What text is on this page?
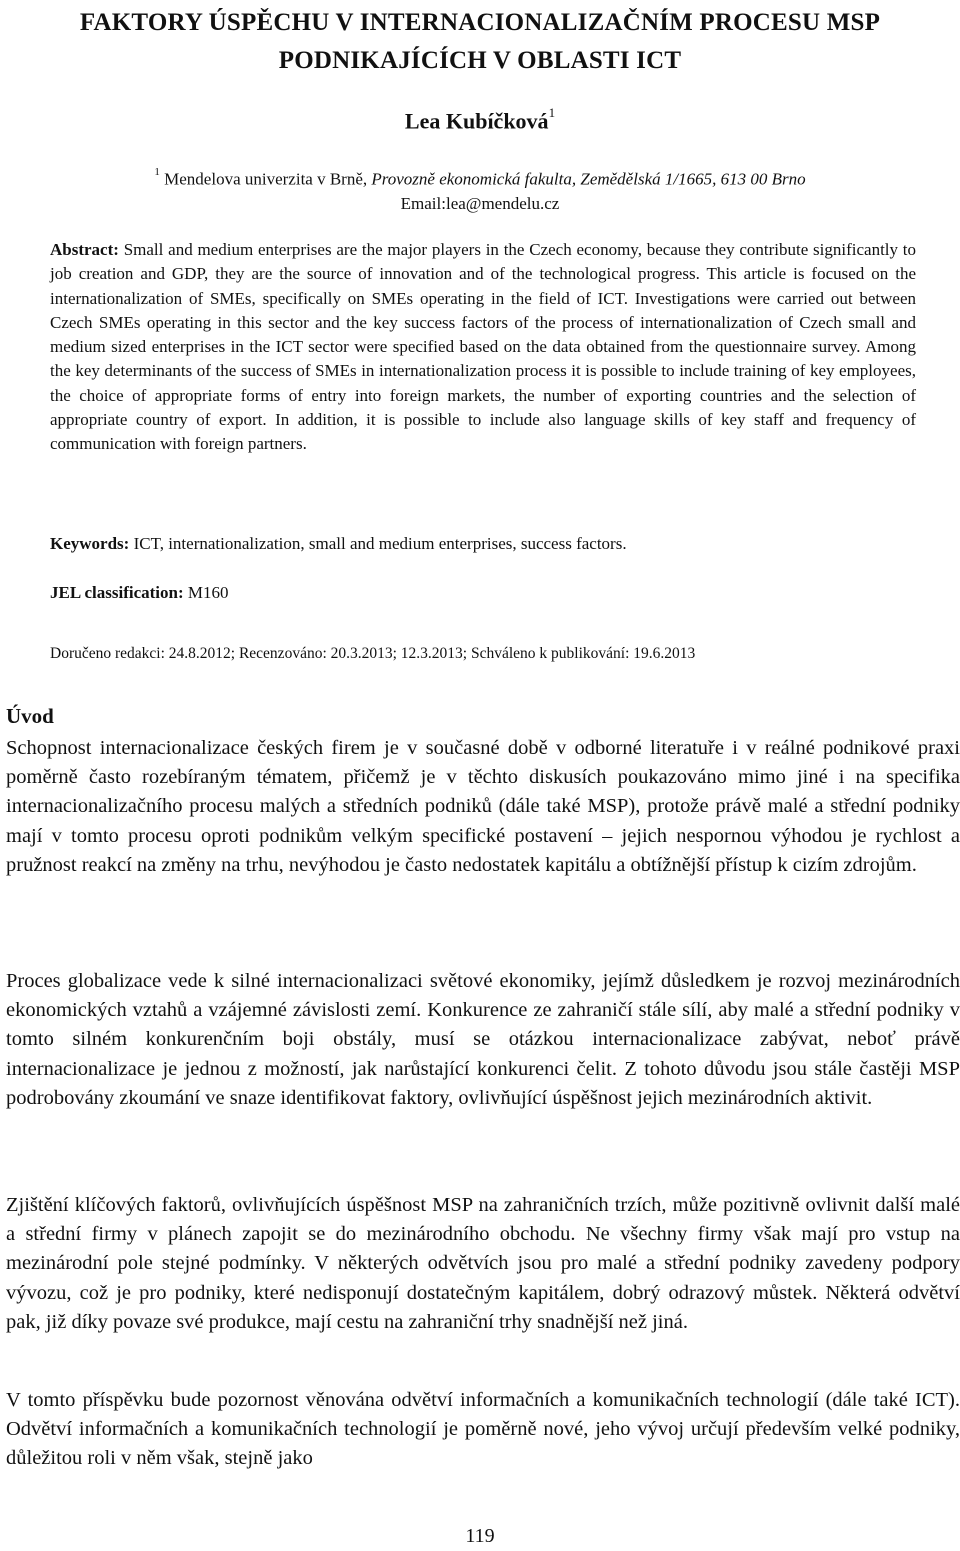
FAKTORY ÚSPĚCHU V INTERNACIONALIZAČNÍM PROCESU MSP
PODNIKAJÍCÍCH V OBLASTI ICT
Lea Kubíčková$^1$
$^1$ Mendelova univerzita v Brně, Provozně ekonomická fakulta, Zemědělská 1/1665, 613 00 Brno
Email:lea@mendelu.cz
Abstract: Small and medium enterprises are the major players in the Czech economy, because they contribute significantly to job creation and GDP, they are the source of innovation and of the technological progress. This article is focused on the internationalization of SMEs, specifically on SMEs operating in the field of ICT. Investigations were carried out between Czech SMEs operating in this sector and the key success factors of the process of internationalization of Czech small and medium sized enterprises in the ICT sector were specified based on the data obtained from the questionnaire survey. Among the key determinants of the success of SMEs in internationalization process it is possible to include training of key employees, the choice of appropriate forms of entry into foreign markets, the number of exporting countries and the selection of appropriate country of export. In addition, it is possible to include also language skills of key staff and frequency of communication with foreign partners.
Keywords: ICT, internationalization, small and medium enterprises, success factors.
JEL classification: M160
Doručeno redakci: 24.8.2012; Recenzováno: 20.3.2013; 12.3.2013; Schváleno k publikování: 19.6.2013
Úvod
Schopnost internacionalizace českých firem je v současné době v odborné literatuře i v reálné podnikové praxi poměrně často rozebíraným tématem, přičemž je v těchto diskusích poukazováno mimo jiné i na specifika internacionalizačního procesu malých a středních podniků (dále také MSP), protože právě malé a střední podniky mají v tomto procesu oproti podnikům velkým specifické postavení – jejich nespornou výhodou je rychlost a pružnost reakcí na změny na trhu, nevýhodou je často nedostatek kapitálu a obtížnější přístup k cizím zdrojům.
Proces globalizace vede k silné internacionalizaci světové ekonomiky, jejímž důsledkem je rozvoj mezinárodních ekonomických vztahů a vzájemné závislosti zemí. Konkurence ze zahraničí stále sílí, aby malé a střední podniky v tomto silném konkurenčním boji obstály, musí se otázkou internacionalizace zabývat, neboť právě internacionalizace je jednou z možností, jak narůstající konkurenci čelit. Z tohoto důvodu jsou stále častěji MSP podrobovány zkoumání ve snaze identifikovat faktory, ovlivňující úspěšnost jejich mezinárodních aktivit.
Zjištění klíčových faktorů, ovlivňujících úspěšnost MSP na zahraničních trzích, může pozitivně ovlivnit další malé a střední firmy v plánech zapojit se do mezinárodního obchodu. Ne všechny firmy však mají pro vstup na mezinárodní pole stejné podmínky. V některých odvětvích jsou pro malé a střední podniky zavedeny podpory vývozu, což je pro podniky, které nedisponují dostatečným kapitálem, dobrý odrazový můstek. Některá odvětví pak, již díky povaze své produkce, mají cestu na zahraniční trhy snadnější než jiná.
V tomto příspěvku bude pozornost věnována odvětví informačních a komunikačních technologií (dále také ICT). Odvětví informačních a komunikačních technologií je poměrně nové, jeho vývoj určují především velké podniky, důležitou roli v něm však, stejně jako
119
